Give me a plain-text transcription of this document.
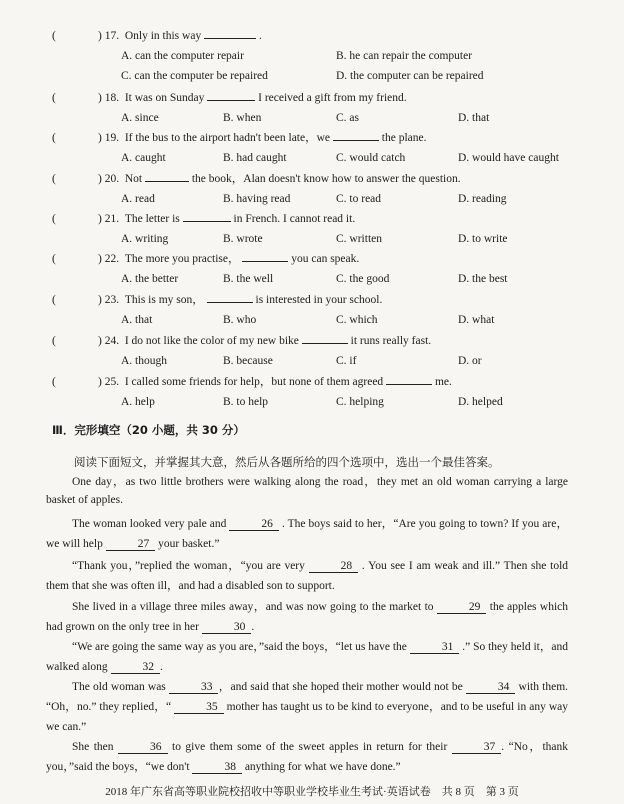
(	) 17. Only in this way	.
A. can the computer repair	B. he can repair the computer
C. can the computer be repaired	D. the computer can be repaired
(	) 18. It was on Sunday	I received a gift from my friend.
A. since	B. when	C. as	D. that
(	) 19. If the bus to the airport hadn't been late，we	the plane.
A. caught	B. had caught	C. would catch	D. would have caught
(	) 20. Not	the book，Alan doesn't know how to answer the question.
A. read	B. having read	C. to read	D. reading
(	) 21. The letter is	in French. I cannot read it.
A. writing	B. wrote	C. written	D. to write
(	) 22. The more you practise，	you can speak.
A. the better	B. the well	C. the good	D. the best
(	) 23. This is my son，	is interested in your school.
A. that	B. who	C. which	D. what
(	) 24. I do not like the color of my new bike	it runs really fast.
A. though	B. because	C. if	D. or
(	) 25. I called some friends for help，but none of them agreed	me.
A. help	B. to help	C. helping	D. helped
Ⅲ．完形填空（20 小题，共 30 分）
阅读下面短文，并掌握其大意，然后从各题所给的四个选项中，选出一个最佳答案。
One day，as two little brothers were walking along the road，they met an old woman carrying a large basket of apples.
The woman looked very pale and	26 . The boys said to her，“Are you going to town? If you are，we will help	27 your basket.”
“Thank you，”replied the woman，“you are very	28 . You see I am weak and ill.” Then she told them that she was often ill，and had a disabled son to support.
She lived in a village three miles away，and was now going to the market to	29 the apples which had grown on the only tree in her	30 .
“We are going the same way as you are，”said the boys，“let us have the	31 .” So they held it，and walked along	32 .
The old woman was	33 ，and said that she hoped their mother would not be	34 with them. “Oh，no.” they replied，“	35 mother has taught us to be kind to everyone，and to be useful in any way we can.”
She then	36 to give them some of the sweet apples in return for their	37 . “No，thank you，”said the boys，“we don't	38 anything for what we have done.”
2018 年广东省高等职业院校招收中等职业学校毕业生考试·英语试卷　共 8 页　第 3 页
